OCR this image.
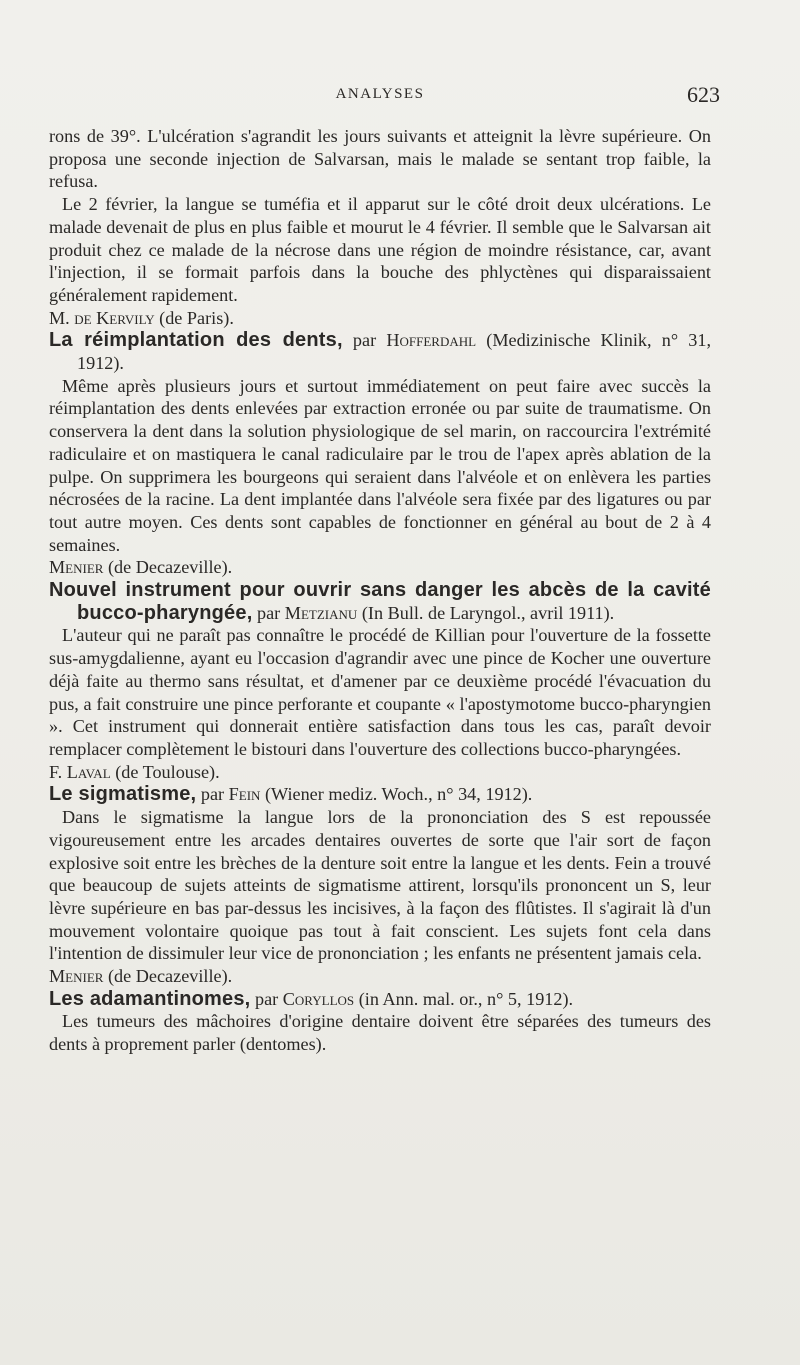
ANALYSES	623

rons de 39°. L'ulcération s'agrandit les jours suivants et atteignit la lèvre supérieure. On proposa une seconde injection de Salvarsan, mais le malade se sentant trop faible, la refusa.

Le 2 février, la langue se tuméfia et il apparut sur le côté droit deux ulcérations. Le malade devenait de plus en plus faible et mourut le 4 février. Il semble que le Salvarsan ait produit chez ce malade de la nécrose dans une région de moindre résistance, car, avant l'injection, il se formait parfois dans la bouche des phlyctènes qui disparaissaient généralement rapidement.

M. de Kervily (de Paris).

La réimplantation des dents, par Hofferdahl (Medizinische Klinik, n° 31, 1912).

Même après plusieurs jours et surtout immédiatement on peut faire avec succès la réimplantation des dents enlevées par extraction erronée ou par suite de traumatisme. On conservera la dent dans la solution physiologique de sel marin, on raccourcira l'extrémité radiculaire et on mastiquera le canal radiculaire par le trou de l'apex après ablation de la pulpe. On supprimera les bourgeons qui seraient dans l'alvéole et on enlèvera les parties nécrosées de la racine. La dent implantée dans l'alvéole sera fixée par des ligatures ou par tout autre moyen. Ces dents sont capables de fonctionner en général au bout de 2 à 4 semaines.

Menier (de Decazeville).

Nouvel instrument pour ouvrir sans danger les abcès de la cavité bucco-pharyngée, par Metzianu (In Bull. de Laryngol., avril 1911).

L'auteur qui ne paraît pas connaître le procédé de Killian pour l'ouverture de la fossette sus-amygdalienne, ayant eu l'occasion d'agrandir avec une pince de Kocher une ouverture déjà faite au thermo sans résultat, et d'amener par ce deuxième procédé l'évacuation du pus, a fait construire une pince perforante et coupante « l'apostymotome bucco-pharyngien ». Cet instrument qui donnerait entière satisfaction dans tous les cas, paraît devoir remplacer complètement le bistouri dans l'ouverture des collections bucco-pharyngées.

F. Laval (de Toulouse).

Le sigmatisme, par Fein (Wiener mediz. Woch., n° 34, 1912).

Dans le sigmatisme la langue lors de la prononciation des S est repoussée vigoureusement entre les arcades dentaires ouvertes de sorte que l'air sort de façon explosive soit entre les brèches de la denture soit entre la langue et les dents. Fein a trouvé que beaucoup de sujets atteints de sigmatisme attirent, lorsqu'ils prononcent un S, leur lèvre supérieure en bas par-dessus les incisives, à la façon des flûtistes. Il s'agirait là d'un mouvement volontaire quoique pas tout à fait conscient. Les sujets font cela dans l'intention de dissimuler leur vice de prononciation ; les enfants ne présentent jamais cela.

Menier (de Decazeville).

Les adamantinomes, par Coryllos (in Ann. mal. or., n° 5, 1912).

Les tumeurs des mâchoires d'origine dentaire doivent être séparées des tumeurs des dents à proprement parler (dentomes).
